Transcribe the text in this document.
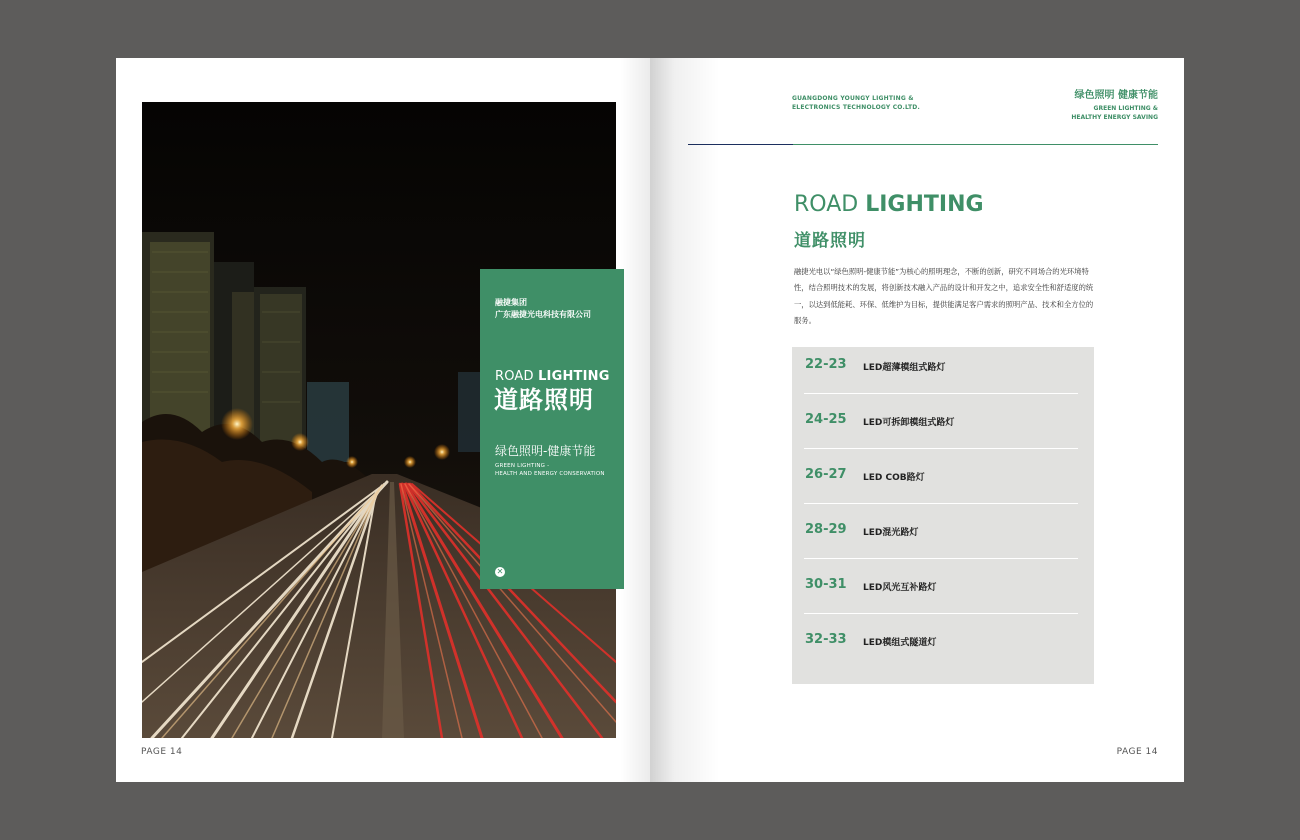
融捷集团
广东融捷光电科技有限公司
ROAD LIGHTING
道路照明
绿色照明-健康节能
GREEN LIGHTING -
HEALTH AND ENERGY CONSERVATION
✕
PAGE 14
GUANGDONG YOUNGY LIGHTING &
ELECTRONICS TECHNOLOGY CO.LTD.
绿色照明 健康节能
GREEN LIGHTING &
HEALTHY ENERGY SAVING
ROAD LIGHTING
道路照明
融捷光电以“绿色照明-健康节能”为核心的照明理念，不断的创新，研究不同场合的光环境特性，结合照明技术的发展，将创新技术融入产品的设计和开发之中，追求安全性和舒适度的统一，以达到低能耗、环保、低维护为目标，提供能满足客户需求的照明产品、技术和全方位的服务。
22-23 LED超薄模组式路灯
24-25 LED可拆卸模组式路灯
26-27 LED COB路灯
28-29 LED混光路灯
30-31 LED风光互补路灯
32-33 LED模组式隧道灯
PAGE 14
